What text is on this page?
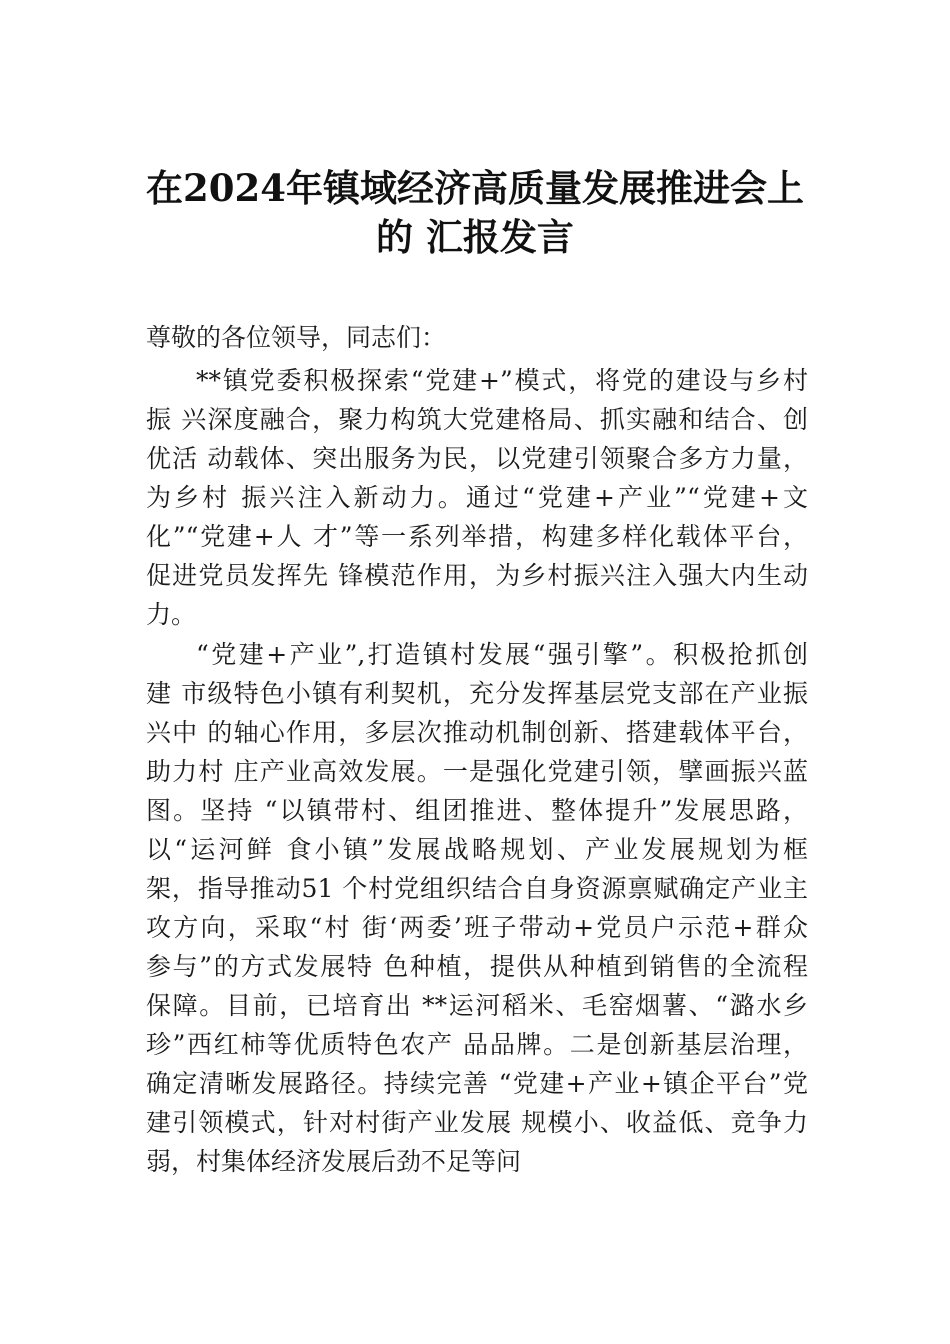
在2024年镇域经济高质量发展推进会上
的 汇报发言
尊敬的各位领导，同志们：
**镇党委积极探索“党建+”模式，将党的建设与乡村
振 兴深度融合，聚力构筑大党建格局、抓实融和结合、创
优活 动载体、突出服务为民，以党建引领聚合多方力量，
为乡村 振兴注入新动力。通过“党建+产业”“党建+文
化”“党建+人 才”等一系列举措，构建多样化载体平台，
促进党员发挥先 锋模范作用，为乡村振兴注入强大内生动
力。
“党建+产业”,打造镇村发展“强引擎”。积极抢抓创
建 市级特色小镇有利契机，充分发挥基层党支部在产业振
兴中 的轴心作用，多层次推动机制创新、搭建载体平台，
助力村 庄产业高效发展。一是强化党建引领，擘画振兴蓝
图。坚持 “以镇带村、组团推进、整体提升”发展思路，
以“运河鲜 食小镇”发展战略规划、产业发展规划为框
架，指导推动51 个村党组织结合自身资源禀赋确定产业主
攻方向，采取“村 街‘两委’班子带动+党员户示范+群众
参与”的方式发展特 色种植，提供从种植到销售的全流程
保障。目前，已培育出 **运河稻米、毛窑烟薯、“潞水乡
珍”西红柿等优质特色农产 品品牌。二是创新基层治理，
确定清晰发展路径。持续完善 “党建+产业+镇企平台”党
建引领模式，针对村街产业发展 规模小、收益低、竞争力
弱，村集体经济发展后劲不足等问
